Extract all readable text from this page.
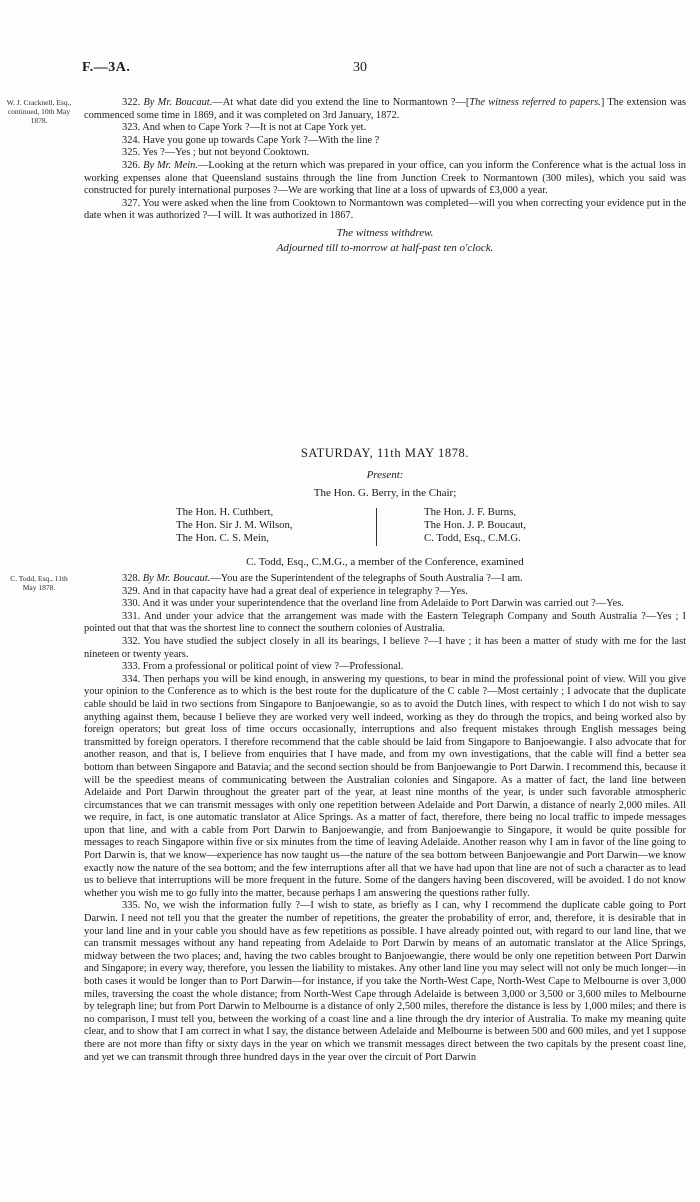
F.—3A.	30
W. J. Cracknell, Esq., continued, 10th May 1878.

322. By Mr. Boucaut.—At what date did you extend the line to Normantown ?—[The witness referred to papers.] The extension was commenced some time in 1869, and it was completed on 3rd January, 1872.

323. And when to Cape York ?—It is not at Cape York yet.

324. Have you gone up towards Cape York ?—With the line ?

325. Yes ?—Yes ; but not beyond Cooktown.

326. By Mr. Mein.—Looking at the return which was prepared in your office, can you inform the Conference what is the actual loss in working expenses alone that Queensland sustains through the line from Junction Creek to Normantown (300 miles), which you said was constructed for purely international purposes ?—We are working that line at a loss of upwards of £3,000 a year.

327. You were asked when the line from Cooktown to Normantown was completed—will you when correcting your evidence put in the date when it was authorized ?—I will. It was authorized in 1867.

The witness withdrew.

Adjourned till to-morrow at half-past ten o'clock.

SATURDAY, 11th MAY 1878.
Present:
The Hon. G. Berry, in the Chair;
The Hon. H. Cuthbert,
The Hon. Sir J. M. Wilson,
The Hon. C. S. Mein,
The Hon. J. F. Burns,
The Hon. J. P. Boucaut,
C. Todd, Esq., C.M.G.
C. Todd, Esq., C.M.G., a member of the Conference, examined
C. Todd, Esq., 11th May 1878.

328. By Mr. Boucaut.—You are the Superintendent of the telegraphs of South Australia ?—I am.

329. And in that capacity have had a great deal of experience in telegraphy ?—Yes.

330. And it was under your superintendence that the overland line from Adelaide to Port Darwin was carried out ?—Yes.

331. And under your advice that the arrangement was made with the Eastern Telegraph Company and South Australia ?—Yes ; I pointed out that that was the shortest line to connect the southern colonies of Australia.

332. You have studied the subject closely in all its bearings, I believe ?—I have ; it has been a matter of study with me for the last nineteen or twenty years.

333. From a professional or political point of view ?—Professional.

334. Then perhaps you will be kind enough, in answering my questions, to bear in mind the professional point of view. Will you give your opinion to the Conference as to which is the best route for the duplicature of the C cable ?—Most certainly ; I advocate that the duplicate cable should be laid in two sections from Singapore to Banjoewangie, so as to avoid the Dutch lines, with respect to which I do not wish to say anything against them, because I believe they are worked very well indeed, working as they do through the tropics, and being worked also by foreign operators; but great loss of time occurs occasionally, interruptions and also frequent mistakes through English messages being transmitted by foreign operators. I therefore recommend that the cable should be laid from Singapore to Banjoewangie. I also advocate that for another reason, and that is, I believe from enquiries that I have made, and from my own investigations, that the cable will find a better sea bottom than between Singapore and Batavia; and the second section should be from Banjoewangie to Port Darwin. I recommend this, because it will be the speediest means of communicating between the Australian colonies and Singapore. As a matter of fact, the land line between Adelaide and Port Darwin throughout the greater part of the year, at least nine months of the year, is under such favorable atmospheric circumstances that we can transmit messages with only one repetition between Adelaide and Port Darwin, a distance of nearly 2,000 miles. All we require, in fact, is one automatic translator at Alice Springs. As a matter of fact, therefore, there being no local traffic to impede messages upon that line, and with a cable from Port Darwin to Banjoewangie, and from Banjoewangie to Singapore, it would be quite possible for messages to reach Singapore within five or six minutes from the time of leaving Adelaide. Another reason why I am in favor of the line going to Port Darwin is, that we know—experience has now taught us—the nature of the sea bottom between Banjoewangie and Port Darwin—we know exactly now the nature of the sea bottom; and the few interruptions after all that we have had upon that line are not of such a character as to lead us to believe that interruptions will be more frequent in the future. Some of the dangers having been discovered, will be avoided. I do not know whether you wish me to go fully into the matter, because perhaps I am answering the questions rather fully.

335. No, we wish the information fully ?—I wish to state, as briefly as I can, why I recommend the duplicate cable going to Port Darwin. I need not tell you that the greater the number of repetitions, the greater the probability of error, and, therefore, it is desirable that in your land line and in your cable you should have as few repetitions as possible. I have already pointed out, with regard to our land line, that we can transmit messages without any hand repeating from Adelaide to Port Darwin by means of an automatic translator at the Alice Springs, midway between the two places; and, having the two cables brought to Banjoewangie, there would be only one repetition between Port Darwin and Singapore; in every way, therefore, you lessen the liability to mistakes. Any other land line you may select will not only be much longer—in both cases it would be longer than to Port Darwin—for instance, if you take the North-West Cape, North-West Cape to Melbourne is over 3,000 miles, traversing the coast the whole distance; from North-West Cape through Adelaide is between 3,000 or 3,500 or 3,600 miles to Melbourne by telegraph line; but from Port Darwin to Melbourne is a distance of only 2,500 miles, therefore the distance is less by 1,000 miles; and there is no comparison, I must tell you, between the working of a coast line and a line through the dry interior of Australia. To make my meaning quite clear, and to show that I am correct in what I say, the distance between Adelaide and Melbourne is between 500 and 600 miles, and yet I suppose there are not more than fifty or sixty days in the year on which we transmit messages direct between the two capitals by the present coast line, and yet we can transmit through three hundred days in the year over the circuit of Port Darwin
